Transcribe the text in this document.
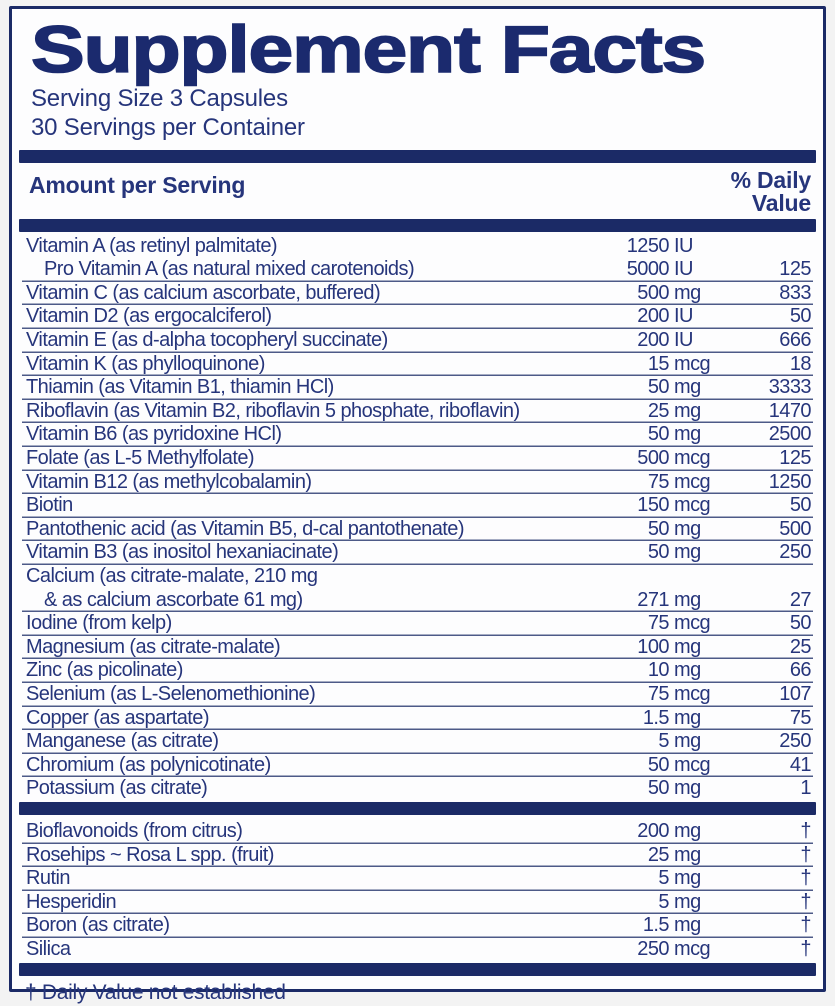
Supplement Facts
Serving Size 3 Capsules
30 Servings per Container
Amount per Serving	% Daily
Value
Vitamin A (as retinyl palmitate)	1250 IU
Pro Vitamin A (as natural mixed carotenoids)	5000 IU	125
Vitamin C (as calcium ascorbate, buffered)	500 mg	833
Vitamin D2 (as ergocalciferol)	200 IU	50
Vitamin E (as d-alpha tocopheryl succinate)	200 IU	666
Vitamin K (as phylloquinone)	15 mcg	18
Thiamin (as Vitamin B1, thiamin HCl)	50 mg	3333
Riboflavin (as Vitamin B2, riboflavin 5 phosphate, riboflavin)	25 mg	1470
Vitamin B6 (as pyridoxine HCl)	50 mg	2500
Folate (as L-5 Methylfolate)	500 mcg	125
Vitamin B12 (as methylcobalamin)	75 mcg	1250
Biotin	150 mcg	50
Pantothenic acid (as Vitamin B5, d-cal pantothenate)	50 mg	500
Vitamin B3 (as inositol hexaniacinate)	50 mg	250
Calcium (as citrate-malate, 210 mg
& as calcium ascorbate 61 mg)	271 mg	27
Iodine (from kelp)	75 mcg	50
Magnesium (as citrate-malate)	100 mg	25
Zinc (as picolinate)	10 mg	66
Selenium (as L-Selenomethionine)	75 mcg	107
Copper (as aspartate)	1.5 mg	75
Manganese (as citrate)	5 mg	250
Chromium (as polynicotinate)	50 mcg	41
Potassium (as citrate)	50 mg	1
Bioflavonoids (from citrus)	200 mg	†
Rosehips ~ Rosa L spp. (fruit)	25 mg	†
Rutin	5 mg	†
Hesperidin	5 mg	†
Boron (as citrate)	1.5 mg	†
Silica	250 mcg	†
† Daily Value not established
